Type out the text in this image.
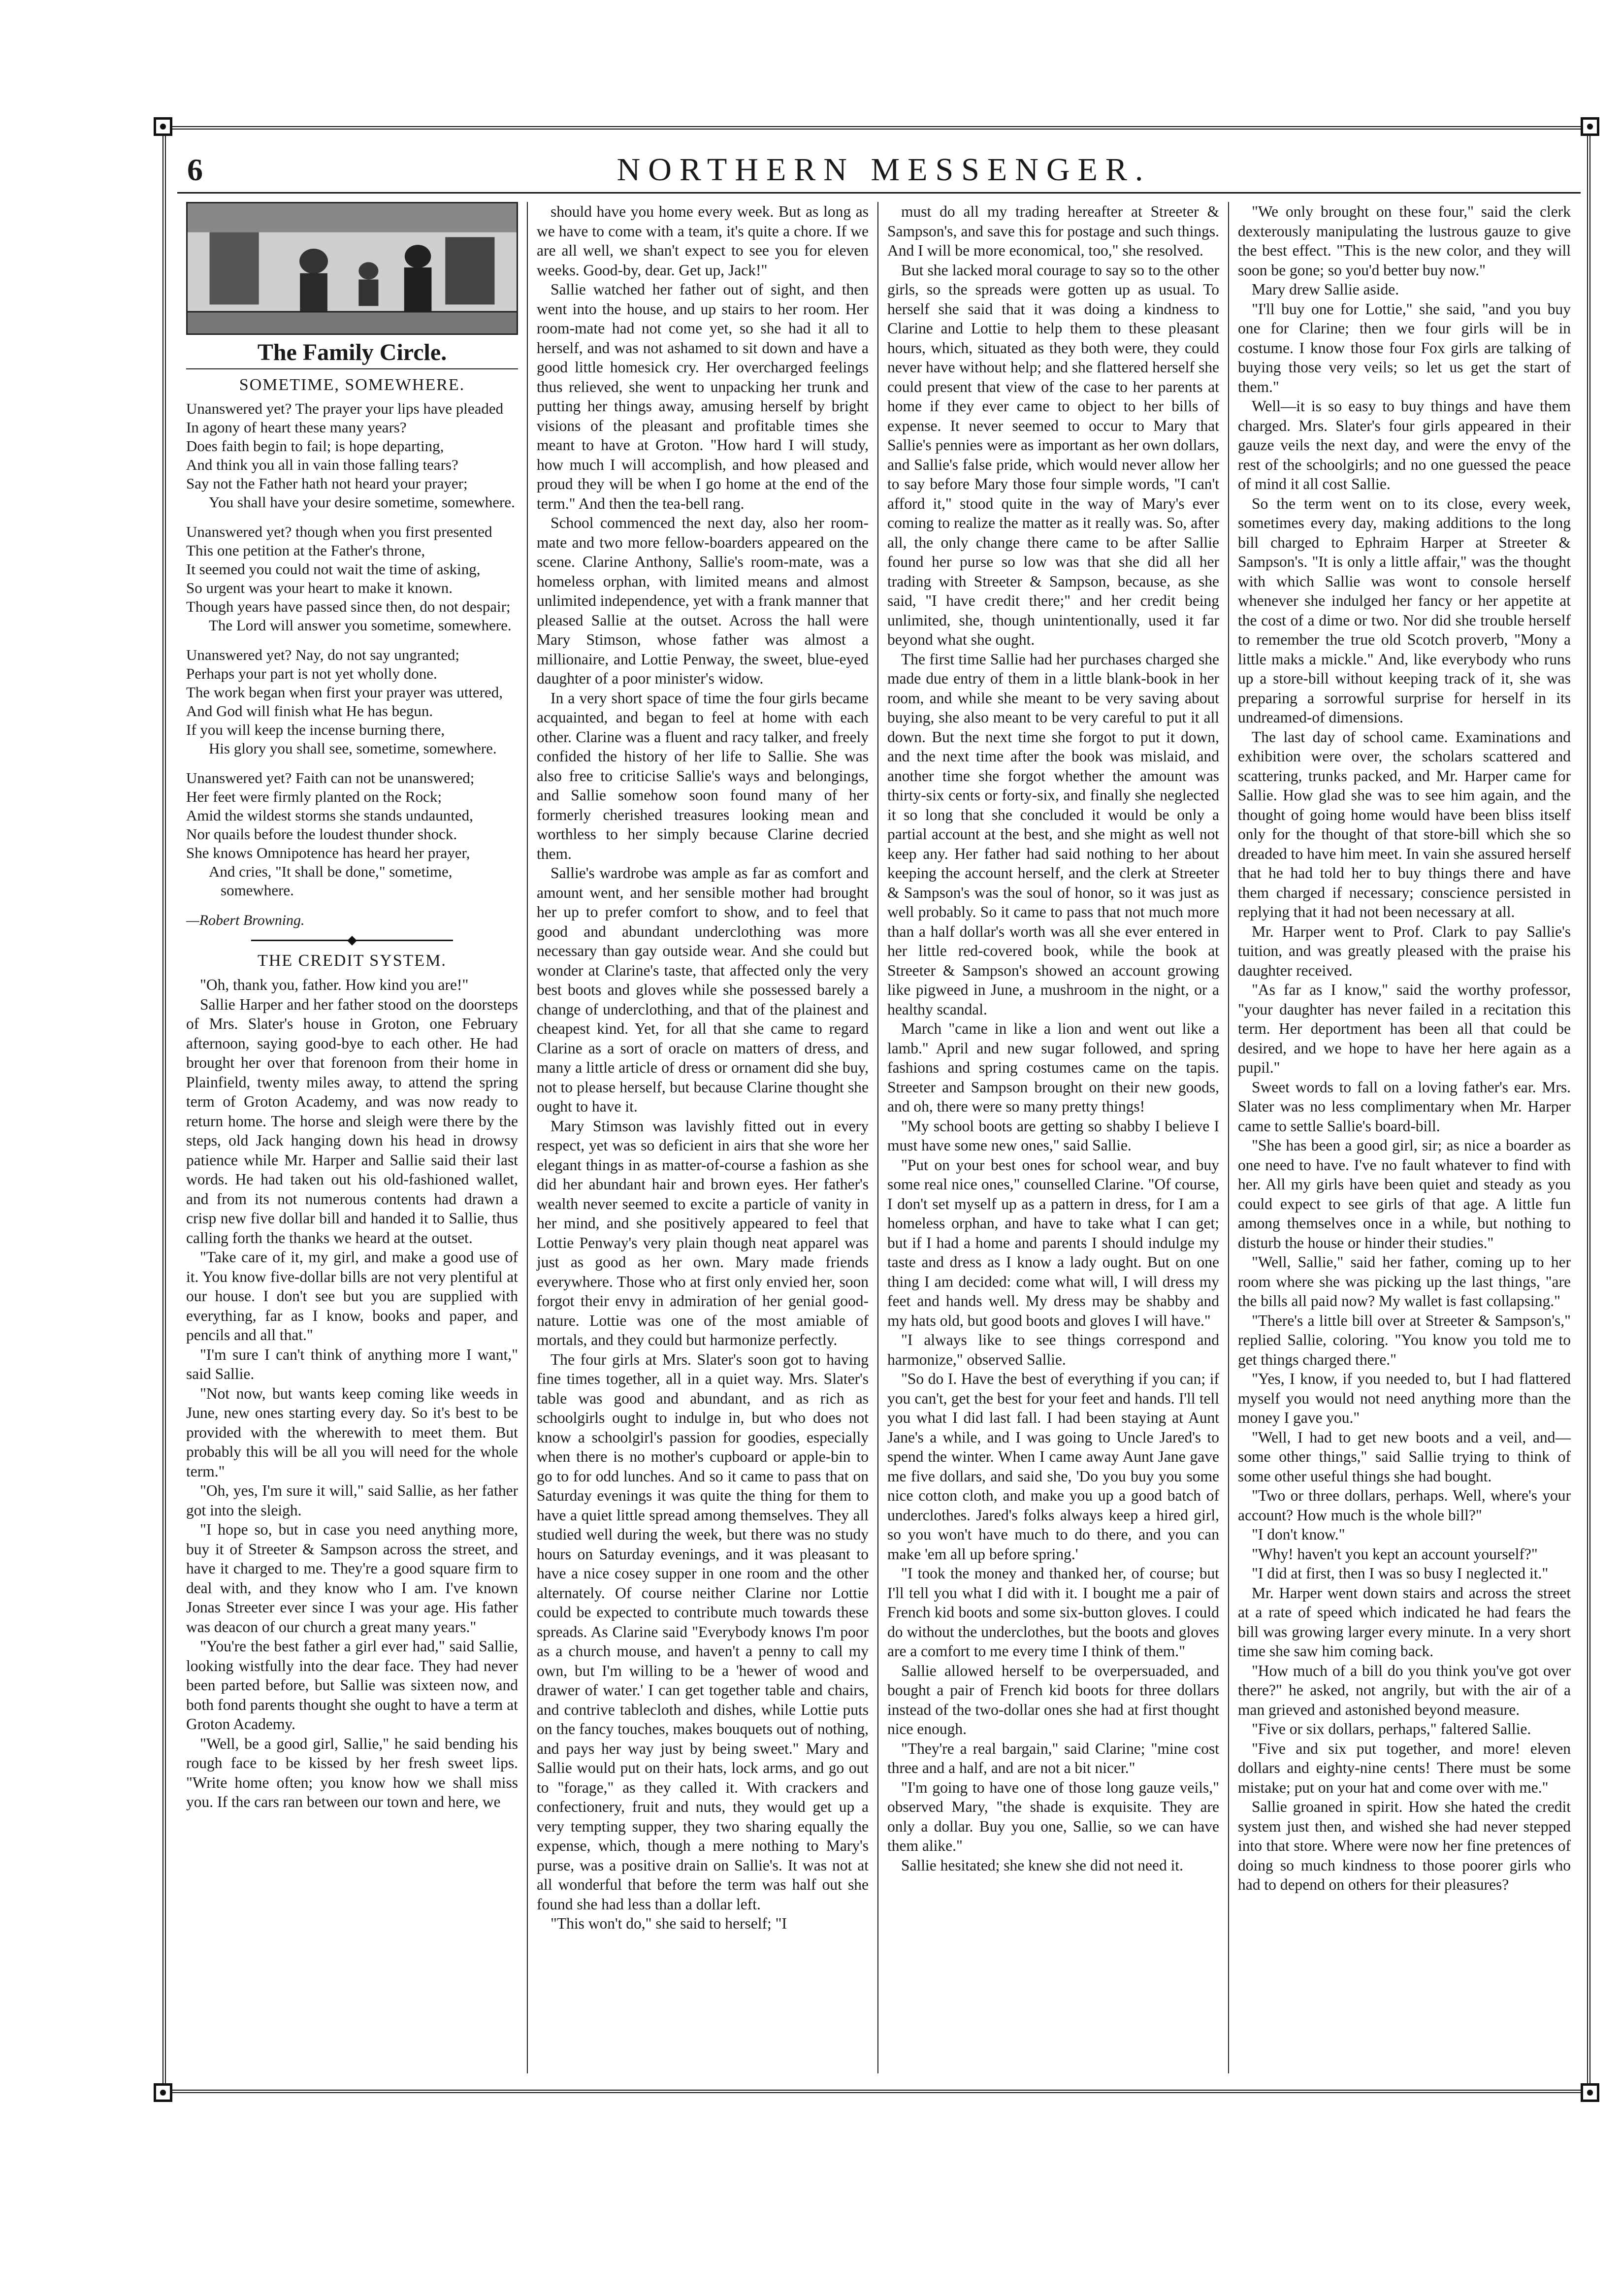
6	NORTHERN MESSENGER.
The Family Circle.
SOMETIME, SOMEWHERE.
Unanswered yet? The prayer your lips have pleaded
In agony of heart these many years?
Does faith begin to fail; is hope departing,
And think you all in vain those falling tears?
Say not the Father hath not heard your prayer;
You shall have your desire sometime, somewhere.
Unanswered yet? though when you first presented
This one petition at the Father's throne,
It seemed you could not wait the time of asking,
So urgent was your heart to make it known.
Though years have passed since then, do not despair;
The Lord will answer you sometime, somewhere.
Unanswered yet? Nay, do not say ungranted;
Perhaps your part is not yet wholly done.
The work began when first your prayer was uttered,
And God will finish what He has begun.
If you will keep the incense burning there,
His glory you shall see, sometime, somewhere.
Unanswered yet? Faith can not be unanswered;
Her feet were firmly planted on the Rock;
Amid the wildest storms she stands undaunted,
Nor quails before the loudest thunder shock.
She knows Omnipotence has heard her prayer,
And cries, "It shall be done," sometime, somewhere.
—Robert Browning.
THE CREDIT SYSTEM.

"Oh, thank you, father. How kind you are!"

Sallie Harper and her father stood on the doorsteps of Mrs. Slater's house in Groton, one February afternoon, saying good-bye to each other. He had brought her over that forenoon from their home in Plainfield, twenty miles away, to attend the spring term of Groton Academy, and was now ready to return home. The horse and sleigh were there by the steps, old Jack hanging down his head in drowsy patience while Mr. Harper and Sallie said their last words. He had taken out his old-fashioned wallet, and from its not numerous contents had drawn a crisp new five dollar bill and handed it to Sallie, thus calling forth the thanks we heard at the outset.

"Take care of it, my girl, and make a good use of it. You know five-dollar bills are not very plentiful at our house. I don't see but you are supplied with everything, far as I know, books and paper, and pencils and all that."

"I'm sure I can't think of anything more I want," said Sallie.

"Not now, but wants keep coming like weeds in June, new ones starting every day. So it's best to be provided with the wherewith to meet them. But probably this will be all you will need for the whole term."

"Oh, yes, I'm sure it will," said Sallie, as her father got into the sleigh.

"I hope so, but in case you need anything more, buy it of Streeter & Sampson across the street, and have it charged to me. They're a good square firm to deal with, and they know who I am. I've known Jonas Streeter ever since I was your age. His father was deacon of our church a great many years."

"You're the best father a girl ever had," said Sallie, looking wistfully into the dear face. They had never been parted before, but Sallie was sixteen now, and both fond parents thought she ought to have a term at Groton Academy.

"Well, be a good girl, Sallie," he said bending his rough face to be kissed by her fresh sweet lips. "Write home often; you know how we shall miss you. If the cars ran between our town and here, we

should have you home every week. But as long as we have to come with a team, it's quite a chore. If we are all well, we shan't expect to see you for eleven weeks. Good-by, dear. Get up, Jack!"

Sallie watched her father out of sight, and then went into the house, and up stairs to her room. Her room-mate had not come yet, so she had it all to herself, and was not ashamed to sit down and have a good little homesick cry. Her overcharged feelings thus relieved, she went to unpacking her trunk and putting her things away, amusing herself by bright visions of the pleasant and profitable times she meant to have at Groton. "How hard I will study, how much I will accomplish, and how pleased and proud they will be when I go home at the end of the term." And then the tea-bell rang.

School commenced the next day, also her room-mate and two more fellow-boarders appeared on the scene. Clarine Anthony, Sallie's room-mate, was a homeless orphan, with limited means and almost unlimited independence, yet with a frank manner that pleased Sallie at the outset. Across the hall were Mary Stimson, whose father was almost a millionaire, and Lottie Penway, the sweet, blue-eyed daughter of a poor minister's widow.

In a very short space of time the four girls became acquainted, and began to feel at home with each other. Clarine was a fluent and racy talker, and freely confided the history of her life to Sallie. She was also free to criticise Sallie's ways and belongings, and Sallie somehow soon found many of her formerly cherished treasures looking mean and worthless to her simply because Clarine decried them.

Sallie's wardrobe was ample as far as comfort and amount went, and her sensible mother had brought her up to prefer comfort to show, and to feel that good and abundant underclothing was more necessary than gay outside wear. And she could but wonder at Clarine's taste, that affected only the very best boots and gloves while she possessed barely a change of underclothing, and that of the plainest and cheapest kind. Yet, for all that she came to regard Clarine as a sort of oracle on matters of dress, and many a little article of dress or ornament did she buy, not to please herself, but because Clarine thought she ought to have it.

Mary Stimson was lavishly fitted out in every respect, yet was so deficient in airs that she wore her elegant things in as matter-of-course a fashion as she did her abundant hair and brown eyes. Her father's wealth never seemed to excite a particle of vanity in her mind, and she positively appeared to feel that Lottie Penway's very plain though neat apparel was just as good as her own. Mary made friends everywhere. Those who at first only envied her, soon forgot their envy in admiration of her genial good-nature. Lottie was one of the most amiable of mortals, and they could but harmonize perfectly.

The four girls at Mrs. Slater's soon got to having fine times together, all in a quiet way. Mrs. Slater's table was good and abundant, and as rich as schoolgirls ought to indulge in, but who does not know a schoolgirl's passion for goodies, especially when there is no mother's cupboard or apple-bin to go to for odd lunches. And so it came to pass that on Saturday evenings it was quite the thing for them to have a quiet little spread among themselves. They all studied well during the week, but there was no study hours on Saturday evenings, and it was pleasant to have a nice cosey supper in one room and the other alternately. Of course neither Clarine nor Lottie could be expected to contribute much towards these spreads. As Clarine said "Everybody knows I'm poor as a church mouse, and haven't a penny to call my own, but I'm willing to be a 'hewer of wood and drawer of water.' I can get together table and chairs, and contrive tablecloth and dishes, while Lottie puts on the fancy touches, makes bouquets out of nothing, and pays her way just by being sweet." Mary and Sallie would put on their hats, lock arms, and go out to "forage," as they called it. With crackers and confectionery, fruit and nuts, they would get up a very tempting supper, they two sharing equally the expense, which, though a mere nothing to Mary's purse, was a positive drain on Sallie's. It was not at all wonderful that before the term was half out she found she had less than a dollar left.

"This won't do," she said to herself; "I

must do all my trading hereafter at Streeter & Sampson's, and save this for postage and such things. And I will be more economical, too," she resolved.

But she lacked moral courage to say so to the other girls, so the spreads were gotten up as usual. To herself she said that it was doing a kindness to Clarine and Lottie to help them to these pleasant hours, which, situated as they both were, they could never have without help; and she flattered herself she could present that view of the case to her parents at home if they ever came to object to her bills of expense. It never seemed to occur to Mary that Sallie's pennies were as important as her own dollars, and Sallie's false pride, which would never allow her to say before Mary those four simple words, "I can't afford it," stood quite in the way of Mary's ever coming to realize the matter as it really was. So, after all, the only change there came to be after Sallie found her purse so low was that she did all her trading with Streeter & Sampson, because, as she said, "I have credit there;" and her credit being unlimited, she, though unintentionally, used it far beyond what she ought.

The first time Sallie had her purchases charged she made due entry of them in a little blank-book in her room, and while she meant to be very saving about buying, she also meant to be very careful to put it all down. But the next time she forgot to put it down, and the next time after the book was mislaid, and another time she forgot whether the amount was thirty-six cents or forty-six, and finally she neglected it so long that she concluded it would be only a partial account at the best, and she might as well not keep any. Her father had said nothing to her about keeping the account herself, and the clerk at Streeter & Sampson's was the soul of honor, so it was just as well probably. So it came to pass that not much more than a half dollar's worth was all she ever entered in her little red-covered book, while the book at Streeter & Sampson's showed an account growing like pigweed in June, a mushroom in the night, or a healthy scandal.

March "came in like a lion and went out like a lamb." April and new sugar followed, and spring fashions and spring costumes came on the tapis. Streeter and Sampson brought on their new goods, and oh, there were so many pretty things!

"My school boots are getting so shabby I believe I must have some new ones," said Sallie.

"Put on your best ones for school wear, and buy some real nice ones," counselled Clarine. "Of course, I don't set myself up as a pattern in dress, for I am a homeless orphan, and have to take what I can get; but if I had a home and parents I should indulge my taste and dress as I know a lady ought. But on one thing I am decided: come what will, I will dress my feet and hands well. My dress may be shabby and my hats old, but good boots and gloves I will have."

"I always like to see things correspond and harmonize," observed Sallie.

"So do I. Have the best of everything if you can; if you can't, get the best for your feet and hands. I'll tell you what I did last fall. I had been staying at Aunt Jane's a while, and I was going to Uncle Jared's to spend the winter. When I came away Aunt Jane gave me five dollars, and said she, 'Do you buy you some nice cotton cloth, and make you up a good batch of underclothes. Jared's folks always keep a hired girl, so you won't have much to do there, and you can make 'em all up before spring.'

"I took the money and thanked her, of course; but I'll tell you what I did with it. I bought me a pair of French kid boots and some six-button gloves. I could do without the underclothes, but the boots and gloves are a comfort to me every time I think of them."

Sallie allowed herself to be overpersuaded, and bought a pair of French kid boots for three dollars instead of the two-dollar ones she had at first thought nice enough.

"They're a real bargain," said Clarine; "mine cost three and a half, and are not a bit nicer."

"I'm going to have one of those long gauze veils," observed Mary, "the shade is exquisite. They are only a dollar. Buy you one, Sallie, so we can have them alike."

Sallie hesitated; she knew she did not need it.

"We only brought on these four," said the clerk dexterously manipulating the lustrous gauze to give the best effect. "This is the new color, and they will soon be gone; so you'd better buy now."

Mary drew Sallie aside.

"I'll buy one for Lottie," she said, "and you buy one for Clarine; then we four girls will be in costume. I know those four Fox girls are talking of buying those very veils; so let us get the start of them."

Well—it is so easy to buy things and have them charged. Mrs. Slater's four girls appeared in their gauze veils the next day, and were the envy of the rest of the schoolgirls; and no one guessed the peace of mind it all cost Sallie.

So the term went on to its close, every week, sometimes every day, making additions to the long bill charged to Ephraim Harper at Streeter & Sampson's. "It is only a little affair," was the thought with which Sallie was wont to console herself whenever she indulged her fancy or her appetite at the cost of a dime or two. Nor did she trouble herself to remember the true old Scotch proverb, "Mony a little maks a mickle." And, like everybody who runs up a store-bill without keeping track of it, she was preparing a sorrowful surprise for herself in its undreamed-of dimensions.

The last day of school came. Examinations and exhibition were over, the scholars scattered and scattering, trunks packed, and Mr. Harper came for Sallie. How glad she was to see him again, and the thought of going home would have been bliss itself only for the thought of that store-bill which she so dreaded to have him meet. In vain she assured herself that he had told her to buy things there and have them charged if necessary; conscience persisted in replying that it had not been necessary at all.

Mr. Harper went to Prof. Clark to pay Sallie's tuition, and was greatly pleased with the praise his daughter received.

"As far as I know," said the worthy professor, "your daughter has never failed in a recitation this term. Her deportment has been all that could be desired, and we hope to have her here again as a pupil."

Sweet words to fall on a loving father's ear. Mrs. Slater was no less complimentary when Mr. Harper came to settle Sallie's board-bill.

"She has been a good girl, sir; as nice a boarder as one need to have. I've no fault whatever to find with her. All my girls have been quiet and steady as you could expect to see girls of that age. A little fun among themselves once in a while, but nothing to disturb the house or hinder their studies."

"Well, Sallie," said her father, coming up to her room where she was picking up the last things, "are the bills all paid now? My wallet is fast collapsing."

"There's a little bill over at Streeter & Sampson's," replied Sallie, coloring. "You know you told me to get things charged there."

"Yes, I know, if you needed to, but I had flattered myself you would not need anything more than the money I gave you."

"Well, I had to get new boots and a veil, and—some other things," said Sallie trying to think of some other useful things she had bought.

"Two or three dollars, perhaps. Well, where's your account? How much is the whole bill?"

"I don't know."

"Why! haven't you kept an account yourself?"

"I did at first, then I was so busy I neglected it."

Mr. Harper went down stairs and across the street at a rate of speed which indicated he had fears the bill was growing larger every minute. In a very short time she saw him coming back.

"How much of a bill do you think you've got over there?" he asked, not angrily, but with the air of a man grieved and astonished beyond measure.

"Five or six dollars, perhaps," faltered Sallie.

"Five and six put together, and more! eleven dollars and eighty-nine cents! There must be some mistake; put on your hat and come over with me."

Sallie groaned in spirit. How she hated the credit system just then, and wished she had never stepped into that store. Where were now her fine pretences of doing so much kindness to those poorer girls who had to depend on others for their pleasures?
